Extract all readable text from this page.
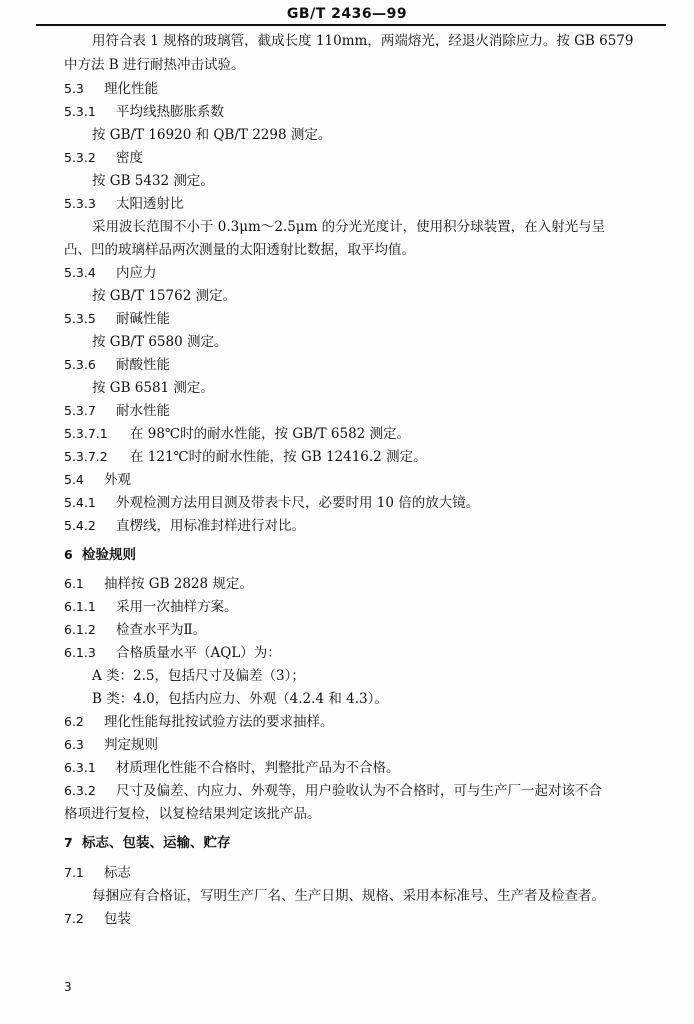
GB/T 2436—99
用符合表 1 规格的玻璃管，截成长度 110mm，两端熔光，经退火消除应力。按 GB 6579
中方法 B 进行耐热冲击试验。
5.3 理化性能
5.3.1 平均线热膨胀系数
按 GB/T 16920 和 QB/T 2298 测定。
5.3.2 密度
按 GB 5432 测定。
5.3.3 太阳透射比
采用波长范围不小于 0.3μm～2.5μm 的分光光度计，使用积分球装置，在入射光与呈
凸、凹的玻璃样品两次测量的太阳透射比数据，取平均值。
5.3.4 内应力
按 GB/T 15762 测定。
5.3.5 耐碱性能
按 GB/T 6580 测定。
5.3.6 耐酸性能
按 GB 6581 测定。
5.3.7 耐水性能
5.3.7.1 在 98℃时的耐水性能，按 GB/T 6582 测定。
5.3.7.2 在 121℃时的耐水性能，按 GB 12416.2 测定。
5.4 外观
5.4.1 外观检测方法用目测及带表卡尺，必要时用 10 倍的放大镜。
5.4.2 直楞线，用标准封样进行对比。
6 检验规则
6.1 抽样按 GB 2828 规定。
6.1.1 采用一次抽样方案。
6.1.2 检查水平为Ⅱ。
6.1.3 合格质量水平（AQL）为：
A 类：2.5，包括尺寸及偏差（3）；
B 类：4.0，包括内应力、外观（4.2.4 和 4.3）。
6.2 理化性能每批按试验方法的要求抽样。
6.3 判定规则
6.3.1 材质理化性能不合格时，判整批产品为不合格。
6.3.2 尺寸及偏差、内应力、外观等，用户验收认为不合格时，可与生产厂一起对该不合
格项进行复检，以复检结果判定该批产品。
7 标志、包装、运输、贮存
7.1 标志
每捆应有合格证，写明生产厂名、生产日期、规格、采用本标准号、生产者及检查者。
7.2 包装
3
